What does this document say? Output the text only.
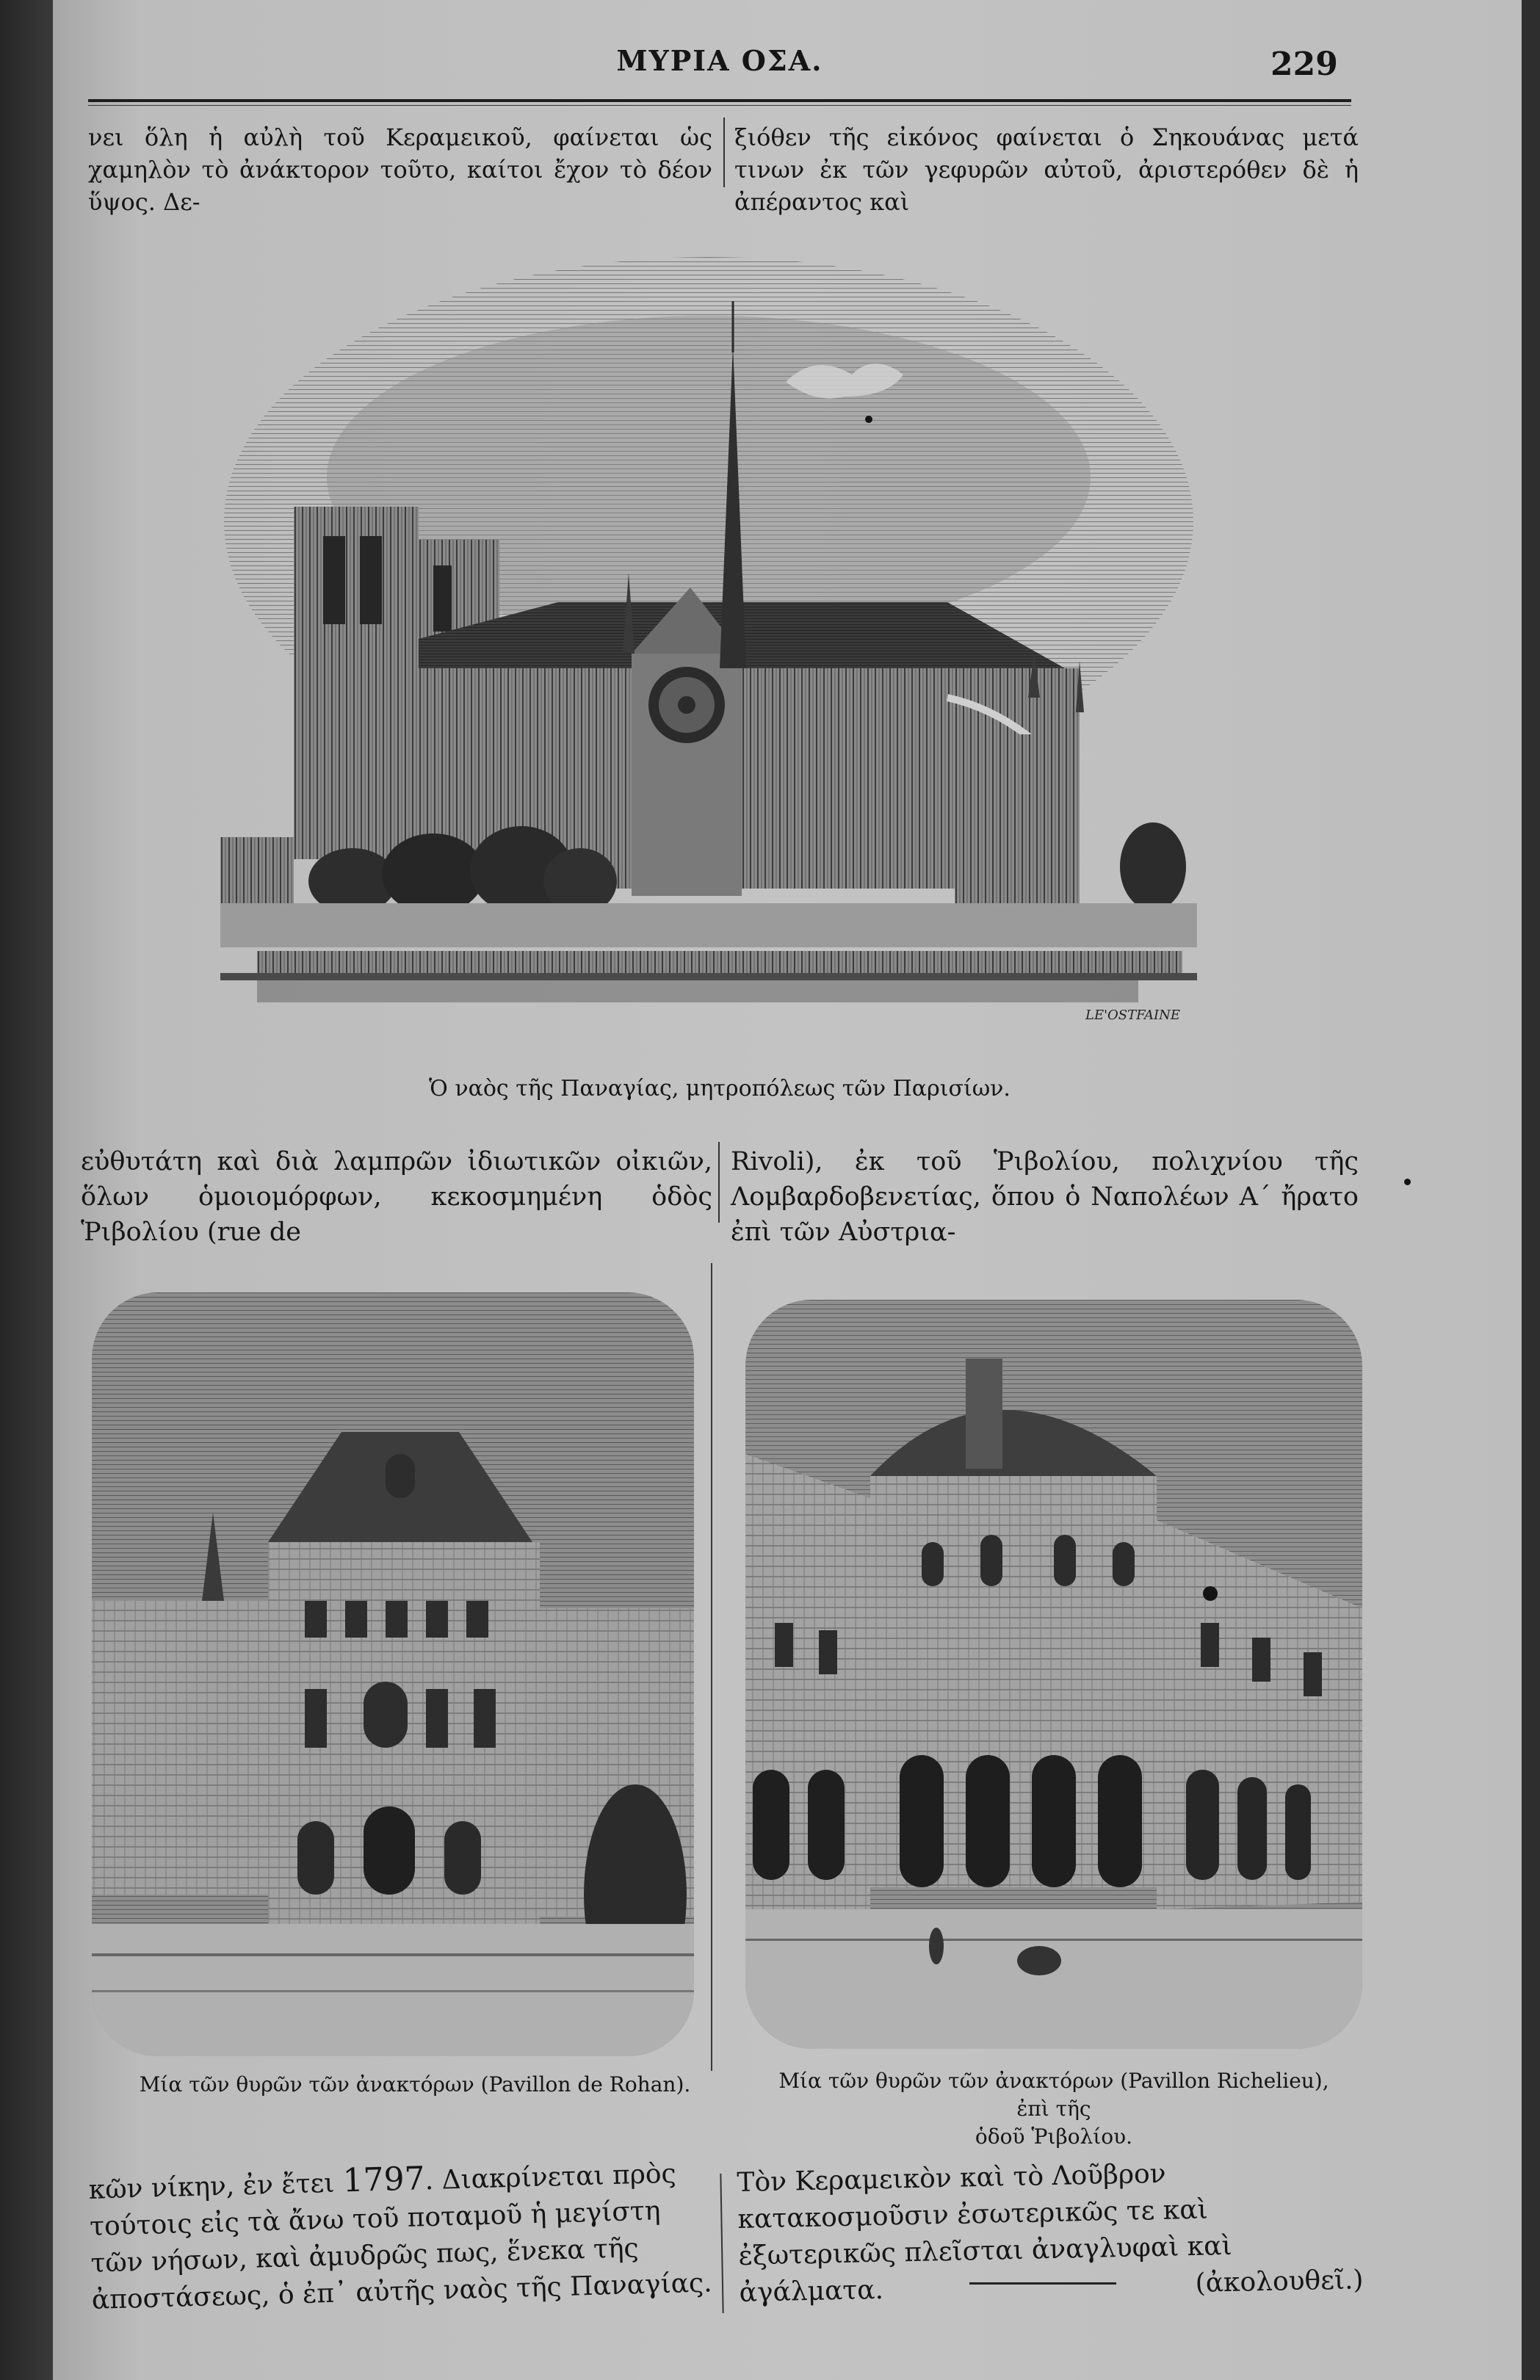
ΜΥΡΙΑ ΟΣΑ.	229
νει ὅλη ἡ αὐλὴ τοῦ Κεραμεικοῦ, φαίνεται ὡς χαμηλὸν τὸ ἀνάκτορον τοῦτο, καίτοι ἔχον τὸ δέον ὕψος. Δε-
ξιόθεν τῆς εἰκόνος φαίνεται ὁ Σηκουάνας μετά τινων ἐκ τῶν γεφυρῶν αὐτοῦ, ἀριστερόθεν δὲ ἡ ἀπέραντος καὶ
LE'OSTFAINE
Ὁ ναὸς τῆς Παναγίας, μητροπόλεως τῶν Παρισίων.
εὐθυτάτη καὶ διὰ λαμπρῶν ἰδιωτικῶν οἰκιῶν, ὅλων ὁμοιομόρφων, κεκοσμημένη ὁδὸς Ῥιβολίου (rue de
Rivoli), ἐκ τοῦ Ῥιβολίου, πολιχνίου τῆς Λομβαρδοβενετίας, ὅπου ὁ Ναπολέων Α΄ ἤρατο ἐπὶ τῶν Αὐστρια-
Μία τῶν θυρῶν τῶν ἀνακτόρων (Pavillon de Rohan).	Μία τῶν θυρῶν τῶν ἀνακτόρων (Pavillon Richelieu), ἐπὶ τῆς
ὁδοῦ Ῥιβολίου.
κῶν νίκην, ἐν ἔτει 1797. Διακρίνεται πρὸς τούτοις εἰς τὰ ἄνω τοῦ ποταμοῦ ἡ μεγίστη τῶν νήσων, καὶ ἀμυδρῶς πως, ἕνεκα τῆς ἀποστάσεως, ὁ ἐπ᾽ αὐτῆς ναὸς τῆς Παναγίας.
Τὸν Κεραμεικὸν καὶ τὸ Λοῦβρον κατακοσμοῦσιν ἐσωτερικῶς τε καὶ ἐξωτερικῶς πλεῖσται ἀναγλυφαὶ καὶ ἀγάλματα.	(ἀκολουθεῖ.)
